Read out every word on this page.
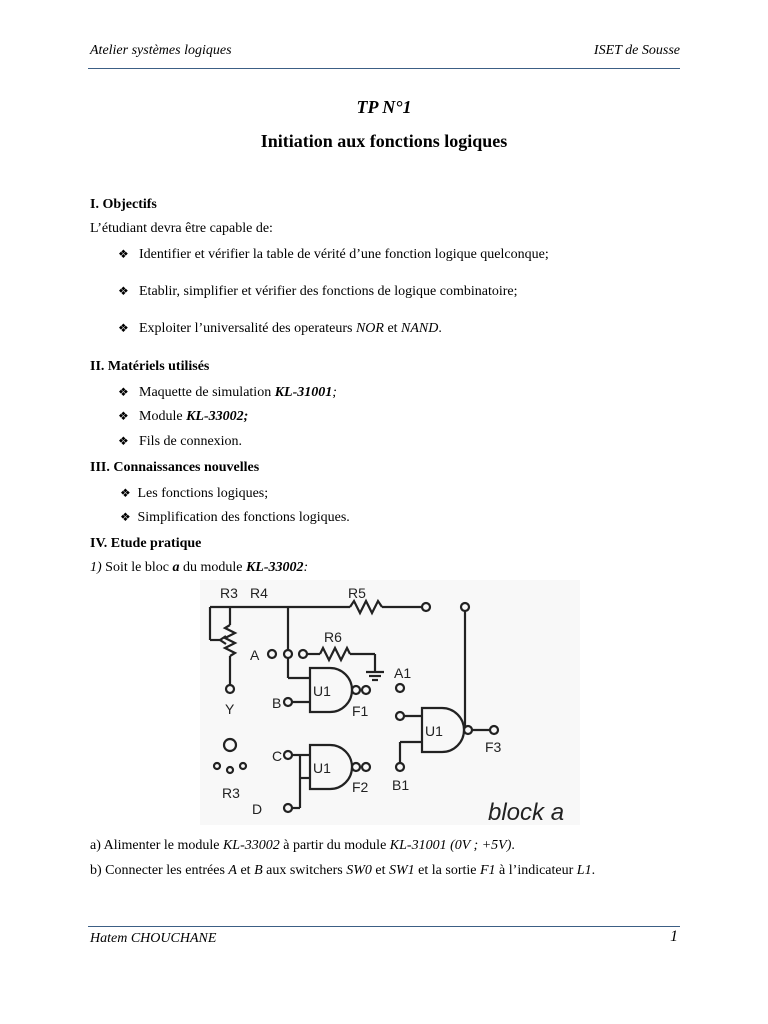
Atelier systèmes logiques	ISET de Sousse
TP N°1
Initiation aux fonctions logiques
I. Objectifs
L’étudiant devra être capable de:
❖ Identifier et vérifier la table de vérité d’une fonction logique quelconque;
❖ Etablir, simplifier et vérifier des fonctions de logique combinatoire;
❖ Exploiter l’universalité des operateurs NOR et NAND.
II. Matériels utilisés
❖ Maquette de simulation KL-31001;
❖ Module KL-33002;
❖ Fils de connexion.
III. Connaissances nouvelles
❖ Les fonctions logiques;
❖ Simplification des fonctions logiques.
IV. Etude pratique
1) Soit le bloc a du module KL-33002:
R3 R4	R5
R6
A
B
C
D
Y
R3
A1
B1
U1
U1
U1
F1
F2
F3
block a
a) Alimenter le module KL-33002 à partir du module KL-31001 (0V ; +5V).
b) Connecter les entrées A et B aux switchers SW0 et SW1 et la sortie F1 à l’indicateur L1.
Hatem CHOUCHANE	1
